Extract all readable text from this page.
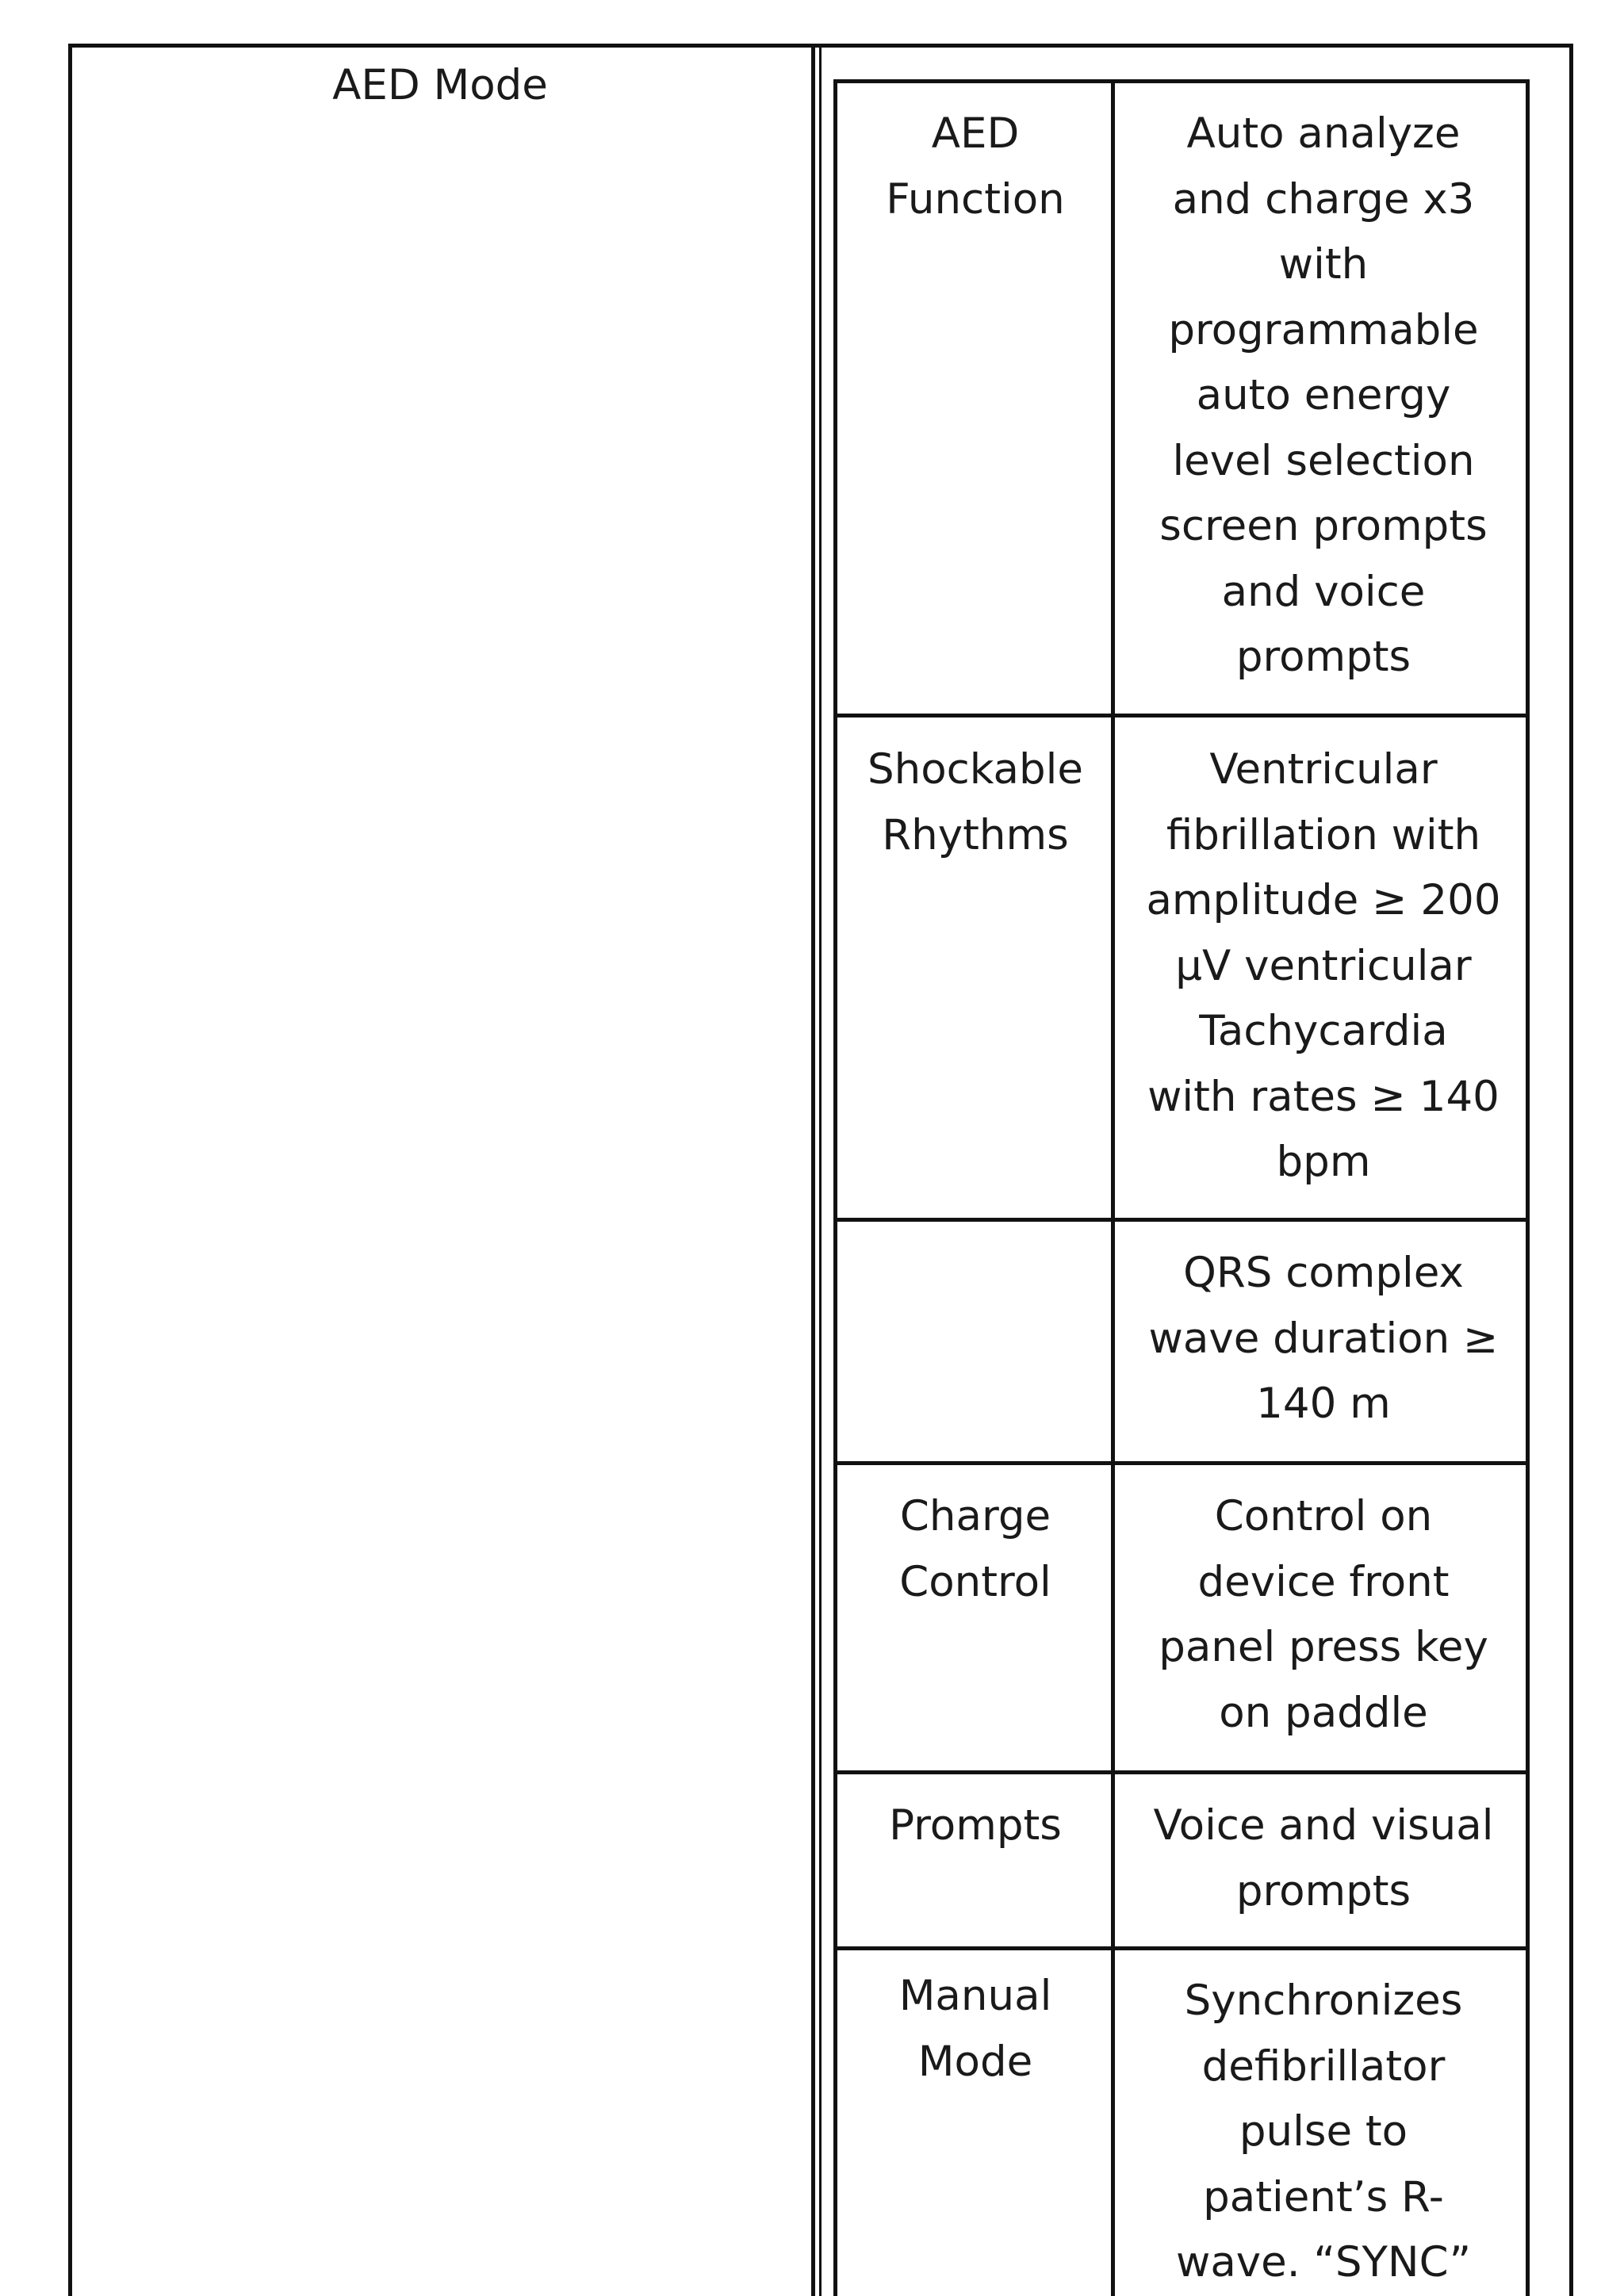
AED Mode
AED
Function
Auto analyze
and charge x3
with
programmable
auto energy
level selection
screen prompts
and voice
prompts
Shockable
Rhythms
Ventricular
fibrillation with
amplitude ≥ 200
μV ventricular
Tachycardia
with rates ≥ 140
bpm
QRS complex
wave duration ≥
140 m
Charge
Control
Control on
device front
panel press key
on paddle
Prompts	Voice and visual
prompts
Manual
Mode
Synchronizes
defibrillator
pulse to
patient’s R-
wave. “SYNC”
